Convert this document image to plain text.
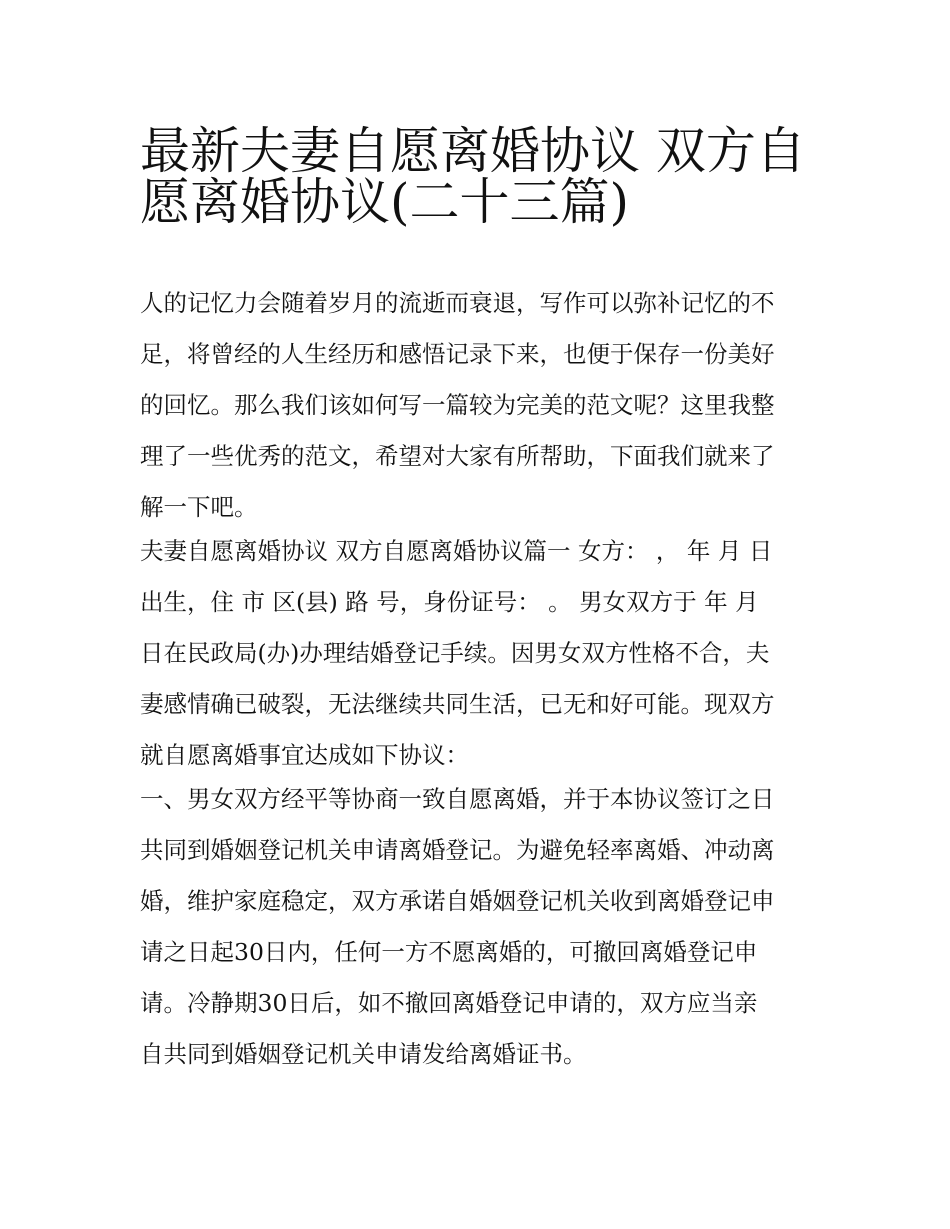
最新夫妻自愿离婚协议 双方自
愿离婚协议(二十三篇)

人的记忆力会随着岁月的流逝而衰退，写作可以弥补记忆的不
足，将曾经的人生经历和感悟记录下来，也便于保存一份美好
的回忆。那么我们该如何写一篇较为完美的范文呢？这里我整
理了一些优秀的范文，希望对大家有所帮助，下面我们就来了
解一下吧。

夫妻自愿离婚协议 双方自愿离婚协议篇一 女方： ， 年 月 日
出生，住 市 区(县) 路 号，身份证号： 。 男女双方于 年 月
日在民政局(办)办理结婚登记手续。因男女双方性格不合，夫
妻感情确已破裂，无法继续共同生活，已无和好可能。现双方
就自愿离婚事宜达成如下协议：

一、男女双方经平等协商一致自愿离婚，并于本协议签订之日
共同到婚姻登记机关申请离婚登记。为避免轻率离婚、冲动离
婚，维护家庭稳定，双方承诺自婚姻登记机关收到离婚登记申
请之日起30日内，任何一方不愿离婚的，可撤回离婚登记申
请。冷静期30日后，如不撤回离婚登记申请的，双方应当亲
自共同到婚姻登记机关申请发给离婚证书。
